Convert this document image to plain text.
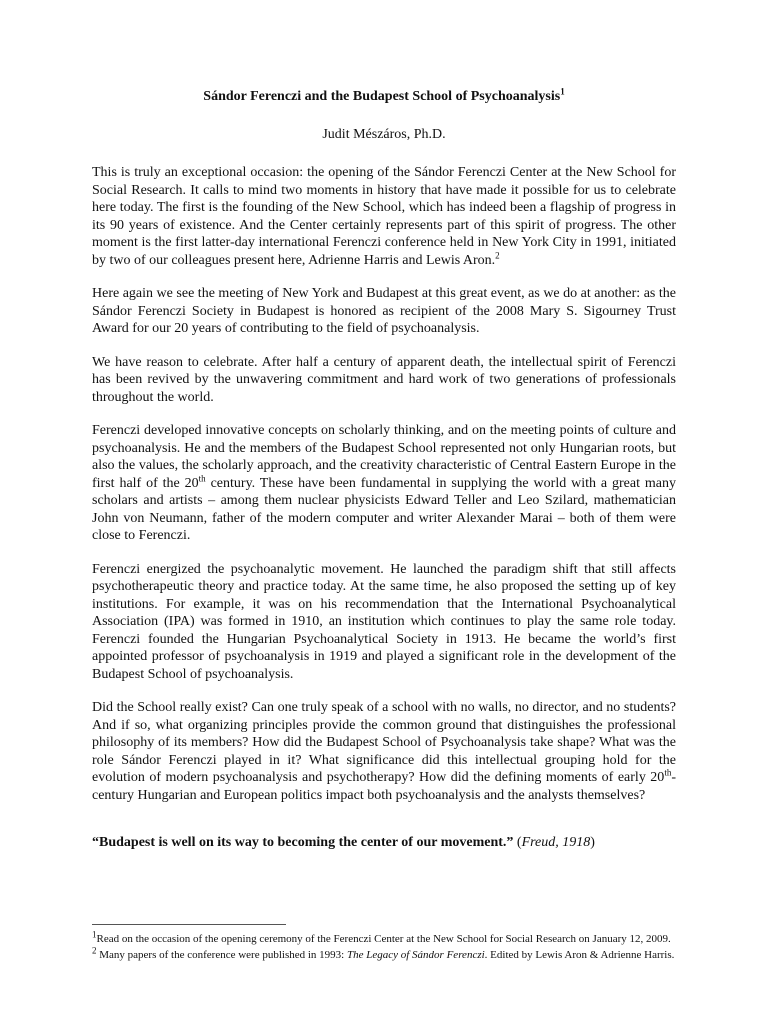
Sándor Ferenczi and the Budapest School of Psychoanalysis$^1$
Judit Mészáros, Ph.D.

This is truly an exceptional occasion: the opening of the Sándor Ferenczi Center at the New School for Social Research. It calls to mind two moments in history that have made it possible for us to celebrate here today. The first is the founding of the New School, which has indeed been a flagship of progress in its 90 years of existence. And the Center certainly represents part of this spirit of progress. The other moment is the first latter-day international Ferenczi conference held in New York City in 1991, initiated by two of our colleagues present here, Adrienne Harris and Lewis Aron.$^2$

Here again we see the meeting of New York and Budapest at this great event, as we do at another: as the Sándor Ferenczi Society in Budapest is honored as recipient of the 2008 Mary S. Sigourney Trust Award for our 20 years of contributing to the field of psychoanalysis.

We have reason to celebrate. After half a century of apparent death, the intellectual spirit of Ferenczi has been revived by the unwavering commitment and hard work of two generations of professionals throughout the world.

Ferenczi developed innovative concepts on scholarly thinking, and on the meeting points of culture and psychoanalysis. He and the members of the Budapest School represented not only Hungarian roots, but also the values, the scholarly approach, and the creativity characteristic of Central Eastern Europe in the first half of the 20th century. These have been fundamental in supplying the world with a great many scholars and artists – among them nuclear physicists Edward Teller and Leo Szilard, mathematician John von Neumann, father of the modern computer and writer Alexander Marai – both of them were close to Ferenczi.

Ferenczi energized the psychoanalytic movement. He launched the paradigm shift that still affects psychotherapeutic theory and practice today. At the same time, he also proposed the setting up of key institutions. For example, it was on his recommendation that the International Psychoanalytical Association (IPA) was formed in 1910, an institution which continues to play the same role today. Ferenczi founded the Hungarian Psychoanalytical Society in 1913. He became the world’s first appointed professor of psychoanalysis in 1919 and played a significant role in the development of the Budapest School of psychoanalysis.

Did the School really exist? Can one truly speak of a school with no walls, no director, and no students? And if so, what organizing principles provide the common ground that distinguishes the professional philosophy of its members? How did the Budapest School of Psychoanalysis take shape? What was the role Sándor Ferenczi played in it? What significance did this intellectual grouping hold for the evolution of modern psychoanalysis and psychotherapy? How did the defining moments of early 20th-century Hungarian and European politics impact both psychoanalysis and the analysts themselves?

“Budapest is well on its way to becoming the center of our movement.” (Freud, 1918)

$^1$Read on the occasion of the opening ceremony of the Ferenczi Center at the New School for Social Research on January 12, 2009.

$^2$ Many papers of the conference were published in 1993: The Legacy of Sándor Ferenczi. Edited by Lewis Aron & Adrienne Harris.
